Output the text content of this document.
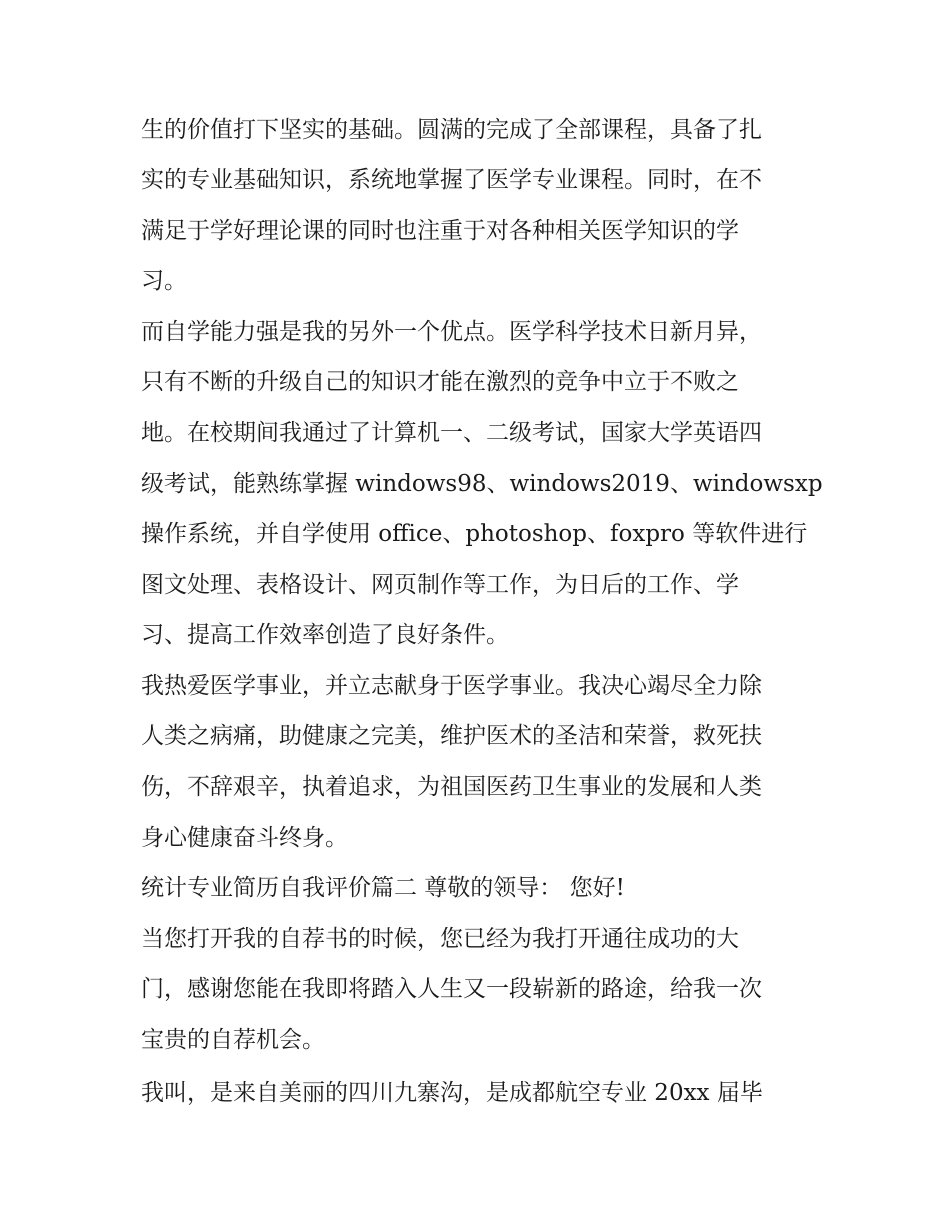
生的价值打下坚实的基础。圆满的完成了全部课程，具备了扎
实的专业基础知识，系统地掌握了医学专业课程。同时，在不
满足于学好理论课的同时也注重于对各种相关医学知识的学
习。
而自学能力强是我的另外一个优点。医学科学技术日新月异，
只有不断的升级自己的知识才能在激烈的竞争中立于不败之
地。在校期间我通过了计算机一、二级考试，国家大学英语四
级考试，能熟练掌握 windows98、windows2019、windowsxp
操作系统，并自学使用 office、photoshop、foxpro 等软件进行
图文处理、表格设计、网页制作等工作，为日后的工作、学
习、提高工作效率创造了良好条件。
我热爱医学事业，并立志献身于医学事业。我决心竭尽全力除
人类之病痛，助健康之完美，维护医术的圣洁和荣誉，救死扶
伤，不辞艰辛，执着追求，为祖国医药卫生事业的发展和人类
身心健康奋斗终身。
统计专业简历自我评价篇二 尊敬的领导： 您好!
当您打开我的自荐书的时候，您已经为我打开通往成功的大
门，感谢您能在我即将踏入人生又一段崭新的路途，给我一次
宝贵的自荐机会。
我叫，是来自美丽的四川九寨沟，是成都航空专业 20xx 届毕
